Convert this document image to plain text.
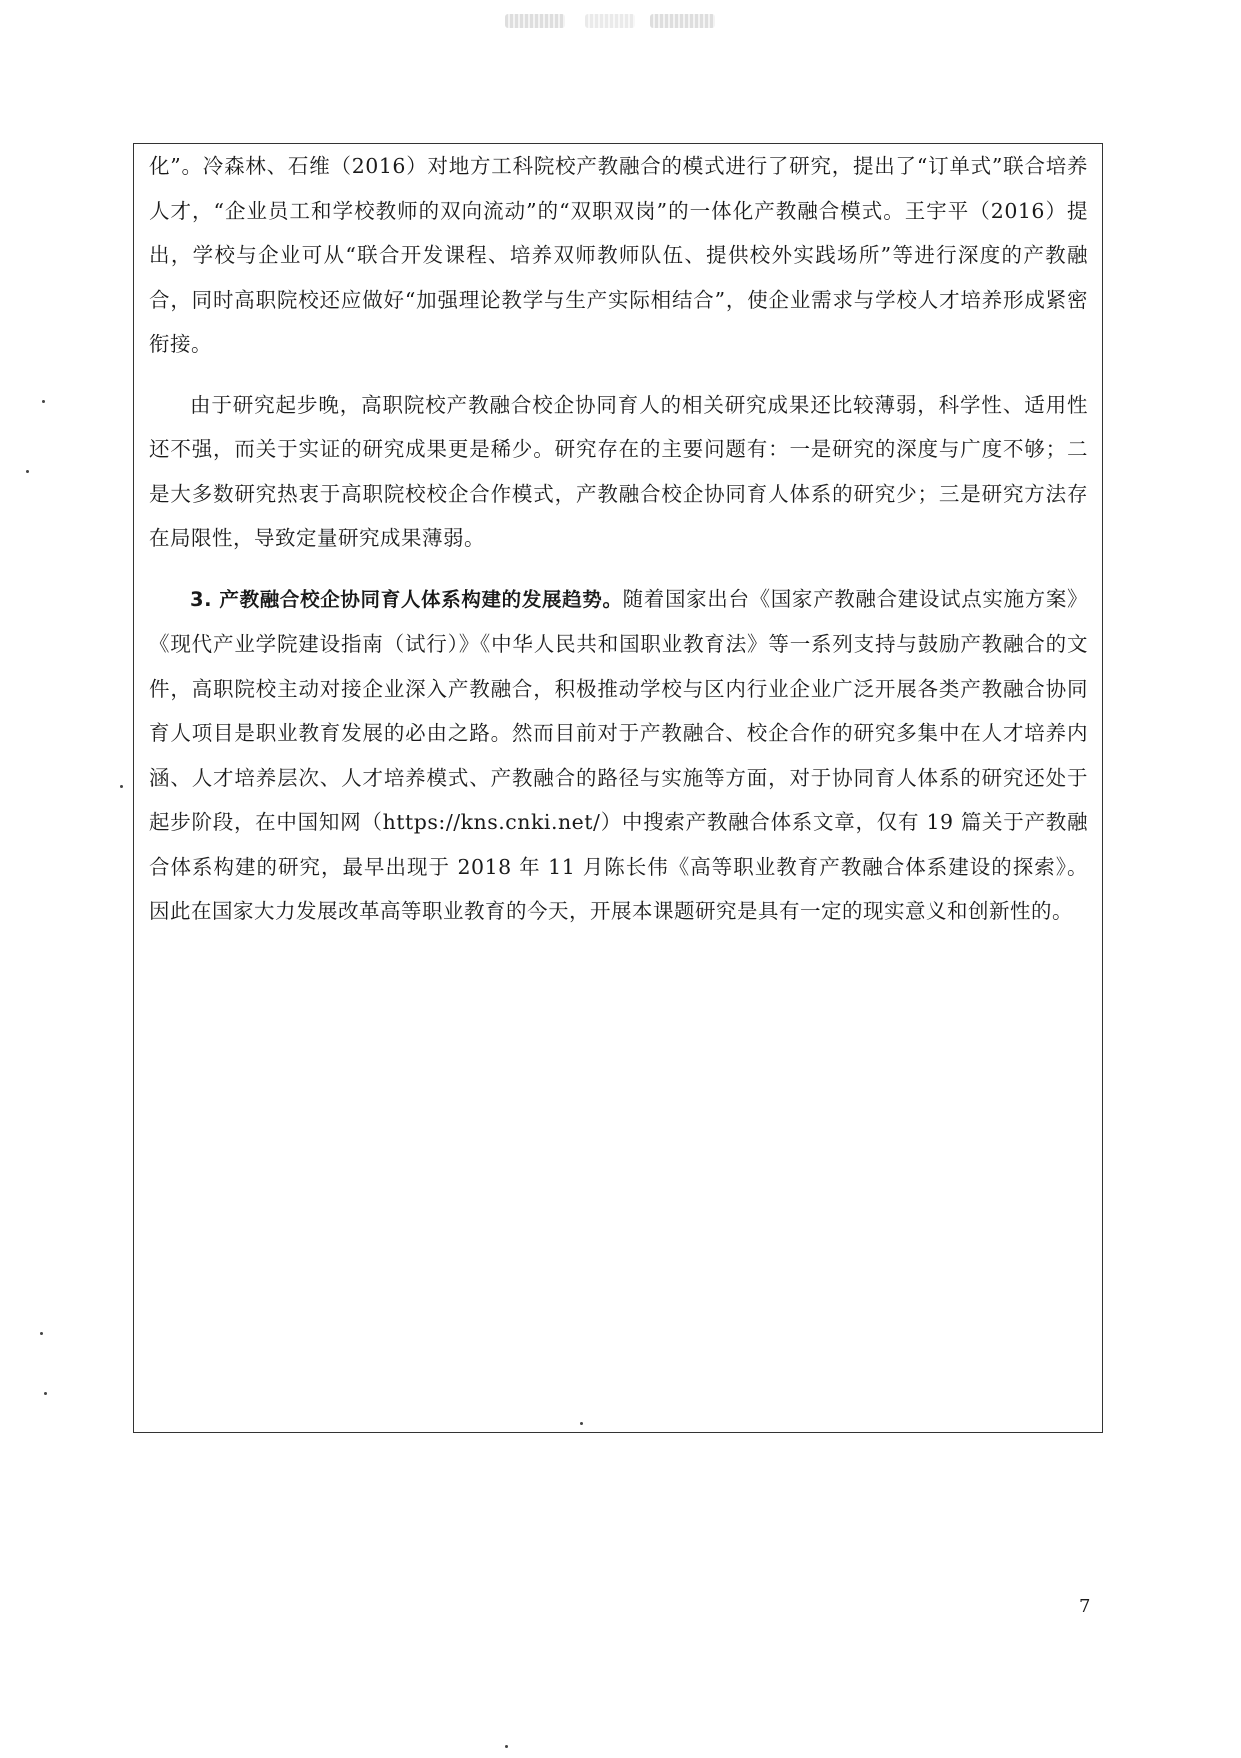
化”。冷森林、石维（2016）对地方工科院校产教融合的模式进行了研究，提出了“订单式”联合培养人才，“企业员工和学校教师的双向流动”的“双职双岗”的一体化产教融合模式。王宇平（2016）提出，学校与企业可从“联合开发课程、培养双师教师队伍、提供校外实践场所”等进行深度的产教融合，同时高职院校还应做好“加强理论教学与生产实际相结合”，使企业需求与学校人才培养形成紧密衔接。

由于研究起步晚，高职院校产教融合校企协同育人的相关研究成果还比较薄弱，科学性、适用性还不强，而关于实证的研究成果更是稀少。研究存在的主要问题有：一是研究的深度与广度不够；二是大多数研究热衷于高职院校校企合作模式，产教融合校企协同育人体系的研究少；三是研究方法存在局限性，导致定量研究成果薄弱。

3. 产教融合校企协同育人体系构建的发展趋势。随着国家出台《国家产教融合建设试点实施方案》《现代产业学院建设指南（试行）》《中华人民共和国职业教育法》等一系列支持与鼓励产教融合的文件，高职院校主动对接企业深入产教融合，积极推动学校与区内行业企业广泛开展各类产教融合协同育人项目是职业教育发展的必由之路。然而目前对于产教融合、校企合作的研究多集中在人才培养内涵、人才培养层次、人才培养模式、产教融合的路径与实施等方面，对于协同育人体系的研究还处于起步阶段，在中国知网（https://kns.cnki.net/）中搜索产教融合体系文章，仅有 19 篇关于产教融合体系构建的研究，最早出现于 2018 年 11 月陈长伟《高等职业教育产教融合体系建设的探索》。因此在国家大力发展改革高等职业教育的今天，开展本课题研究是具有一定的现实意义和创新性的。

7
